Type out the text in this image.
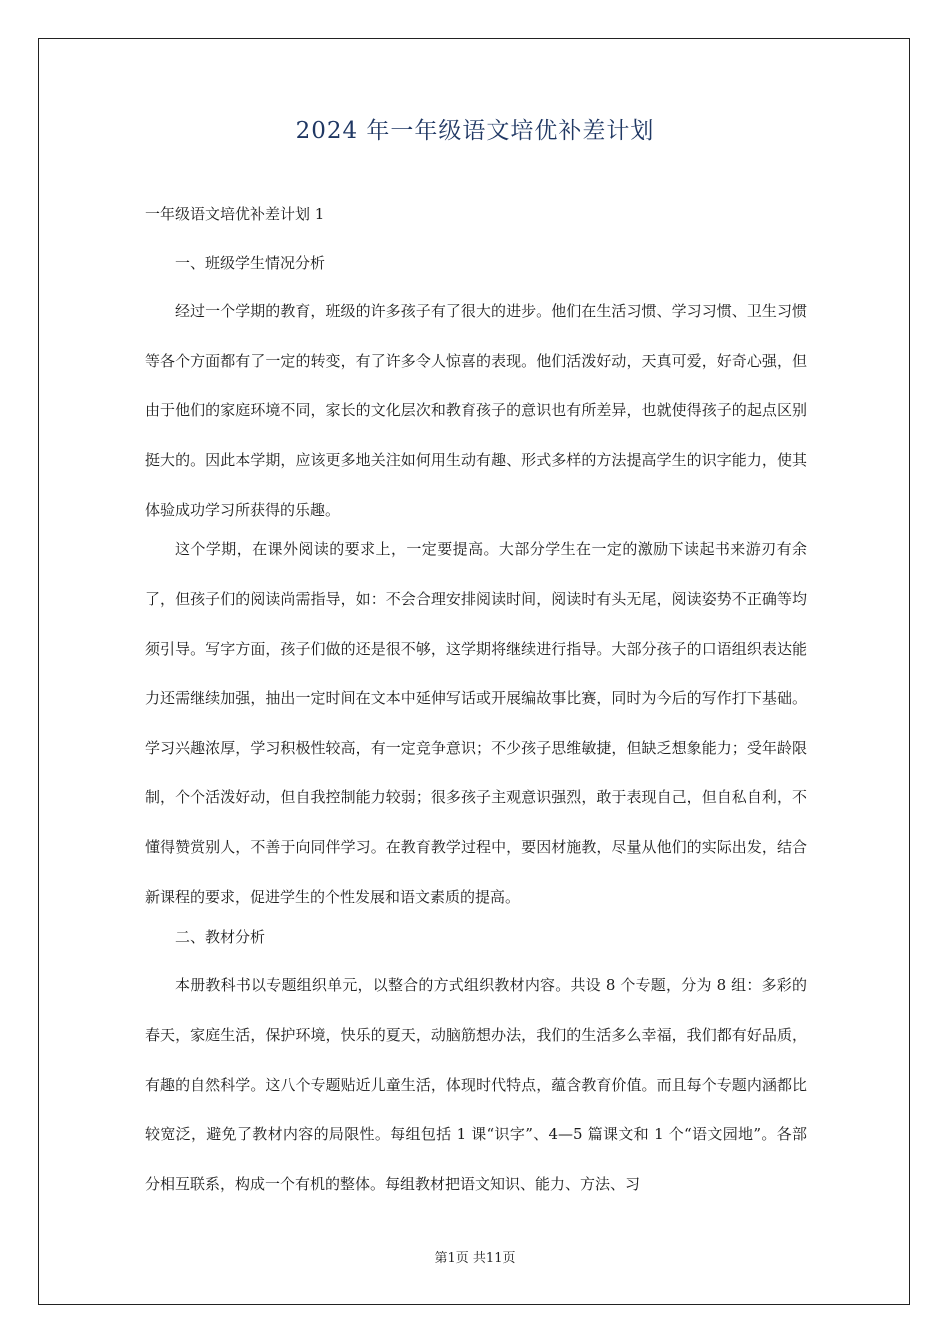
2024 年一年级语文培优补差计划
一年级语文培优补差计划 1
一、班级学生情况分析

经过一个学期的教育，班级的许多孩子有了很大的进步。他们在生活习惯、学习习惯、卫生习惯等各个方面都有了一定的转变，有了许多令人惊喜的表现。他们活泼好动，天真可爱，好奇心强，但由于他们的家庭环境不同，家长的文化层次和教育孩子的意识也有所差异，也就使得孩子的起点区别挺大的。因此本学期，应该更多地关注如何用生动有趣、形式多样的方法提高学生的识字能力，使其体验成功学习所获得的乐趣。

这个学期，在课外阅读的要求上，一定要提高。大部分学生在一定的激励下读起书来游刃有余了，但孩子们的阅读尚需指导，如：不会合理安排阅读时间，阅读时有头无尾，阅读姿势不正确等均须引导。写字方面，孩子们做的还是很不够，这学期将继续进行指导。大部分孩子的口语组织表达能力还需继续加强，抽出一定时间在文本中延伸写话或开展编故事比赛，同时为今后的写作打下基础。学习兴趣浓厚，学习积极性较高，有一定竞争意识；不少孩子思维敏捷，但缺乏想象能力；受年龄限制，个个活泼好动，但自我控制能力较弱；很多孩子主观意识强烈，敢于表现自己，但自私自利，不懂得赞赏别人，不善于向同伴学习。在教育教学过程中，要因材施教，尽量从他们的实际出发，结合新课程的要求，促进学生的个性发展和语文素质的提高。

二、教材分析

本册教科书以专题组织单元，以整合的方式组织教材内容。共设 8 个专题，分为 8 组：多彩的春天，家庭生活，保护环境，快乐的夏天，动脑筋想办法，我们的生活多么幸福，我们都有好品质，有趣的自然科学。这八个专题贴近儿童生活，体现时代特点，蕴含教育价值。而且每个专题内涵都比较宽泛，避免了教材内容的局限性。每组包括 1 课“识字”、4—5 篇课文和 1 个“语文园地”。各部分相互联系，构成一个有机的整体。每组教材把语文知识、能力、方法、习

第1页 共11页
